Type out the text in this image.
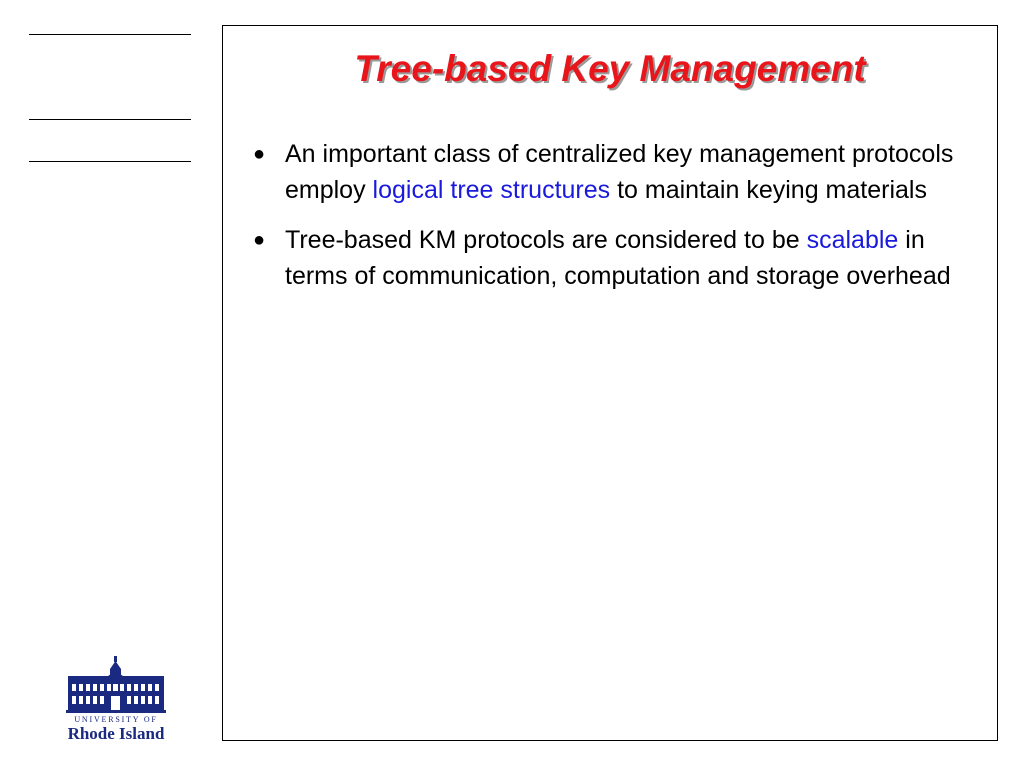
UNIVERSITY OF
Rhode Island
Tree-based Key Management
● An important class of centralized key management protocols employ logical tree structures to maintain keying materials
● Tree-based KM protocols are considered to be scalable in terms of communication, computation and storage overhead
